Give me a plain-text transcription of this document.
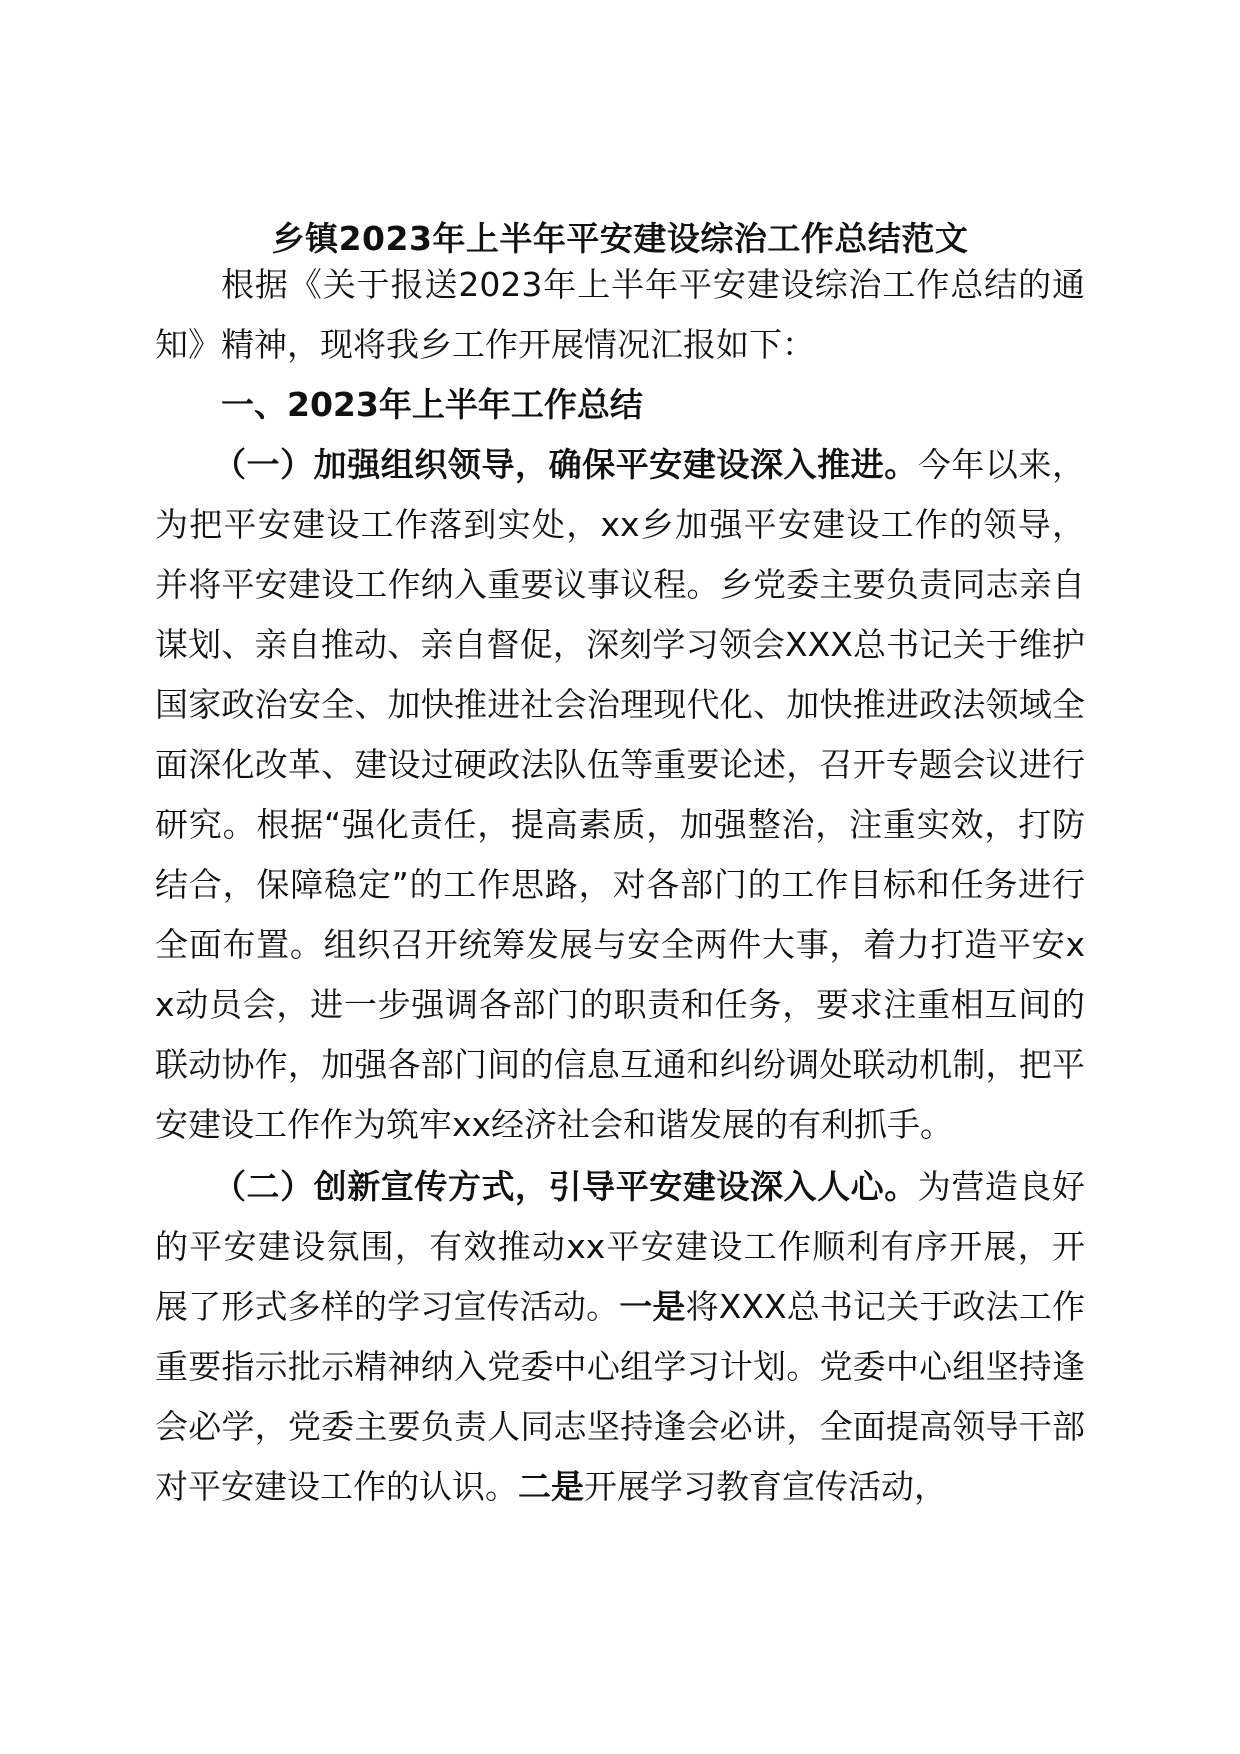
乡镇2023年上半年平安建设综治工作总结范文

根据《关于报送2023年上半年平安建设综治工作总结的通知》精神，现将我乡工作开展情况汇报如下：

一、2023年上半年工作总结

（一）加强组织领导，确保平安建设深入推进。今年以来，为把平安建设工作落到实处，xx乡加强平安建设工作的领导，并将平安建设工作纳入重要议事议程。乡党委主要负责同志亲自谋划、亲自推动、亲自督促，深刻学习领会XXX总书记关于维护国家政治安全、加快推进社会治理现代化、加快推进政法领域全面深化改革、建设过硬政法队伍等重要论述，召开专题会议进行研究。根据“强化责任，提高素质，加强整治，注重实效，打防结合，保障稳定”的工作思路，对各部门的工作目标和任务进行全面布置。组织召开统筹发展与安全两件大事，着力打造平安xx动员会，进一步强调各部门的职责和任务，要求注重相互间的联动协作，加强各部门间的信息互通和纠纷调处联动机制，把平安建设工作作为筑牢xx经济社会和谐发展的有利抓手。

（二）创新宣传方式，引导平安建设深入人心。为营造良好的平安建设氛围，有效推动xx平安建设工作顺利有序开展，开展了形式多样的学习宣传活动。一是将XXX总书记关于政法工作重要指示批示精神纳入党委中心组学习计划。党委中心组坚持逢会必学，党委主要负责人同志坚持逢会必讲，全面提高领导干部对平安建设工作的认识。二是开展学习教育宣传活动，
